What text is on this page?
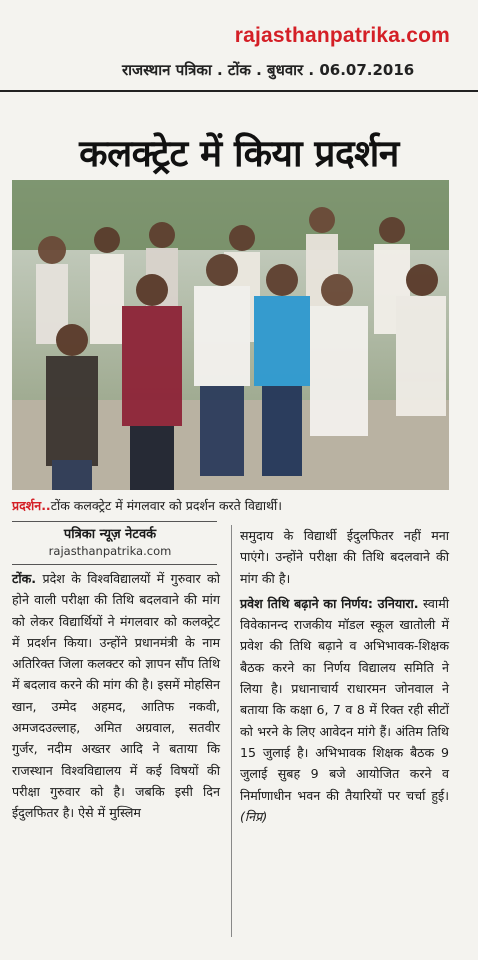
rajasthanpatrika.com
राजस्थान पत्रिका . टोंक . बुधवार . 06.07.2016
कलक्ट्रेट में किया प्रदर्शन
प्रदर्शन..टोंक कलक्ट्रेट में मंगलवार को प्रदर्शन करते विद्यार्थी।
पत्रिका न्यूज़ नेटवर्क
rajasthanpatrika.com

टोंक. प्रदेश के विश्वविद्यालयों में गुरुवार को होने वाली परीक्षा की तिथि बदलवाने की मांग को लेकर विद्यार्थियों ने मंगलवार को कलक्ट्रेट में प्रदर्शन किया। उन्होंने प्रधानमंत्री के नाम अतिरिक्त जिला कलक्टर को ज्ञापन सौंप तिथि में बदलाव करने की मांग की है। इसमें मोहसिन खान, उम्मेद अहमद, आतिफ नकवी, अमजदउल्लाह, अमित अग्रवाल, सतवीर गुर्जर, नदीम अख्तर आदि ने बताया कि राजस्थान विश्वविद्यालय में कई विषयों की परीक्षा गुरुवार को है। जबकि इसी दिन ईदुलफितर है। ऐसे में मुस्लिम

समुदाय के विद्यार्थी ईदुलफितर नहीं मना पाएंगे। उन्होंने परीक्षा की तिथि बदलवाने की मांग की है।

प्रवेश तिथि बढ़ाने का निर्णय: उनियारा. स्वामी विवेकानन्द राजकीय मॉडल स्कूल खातोली में प्रवेश की तिथि बढ़ाने व अभिभावक-शिक्षक बैठक करने का निर्णय विद्यालय समिति ने लिया है। प्रधानाचार्य राधारमन जोनवाल ने बताया कि कक्षा 6, 7 व 8 में रिक्त रही सीटों को भरने के लिए आवेदन मांगे हैं। अंतिम तिथि 15 जुलाई है। अभिभावक शिक्षक बैठक 9 जुलाई सुबह 9 बजे आयोजित करने व निर्माणाधीन भवन की तैयारियों पर चर्चा हुई। (निप्र)
